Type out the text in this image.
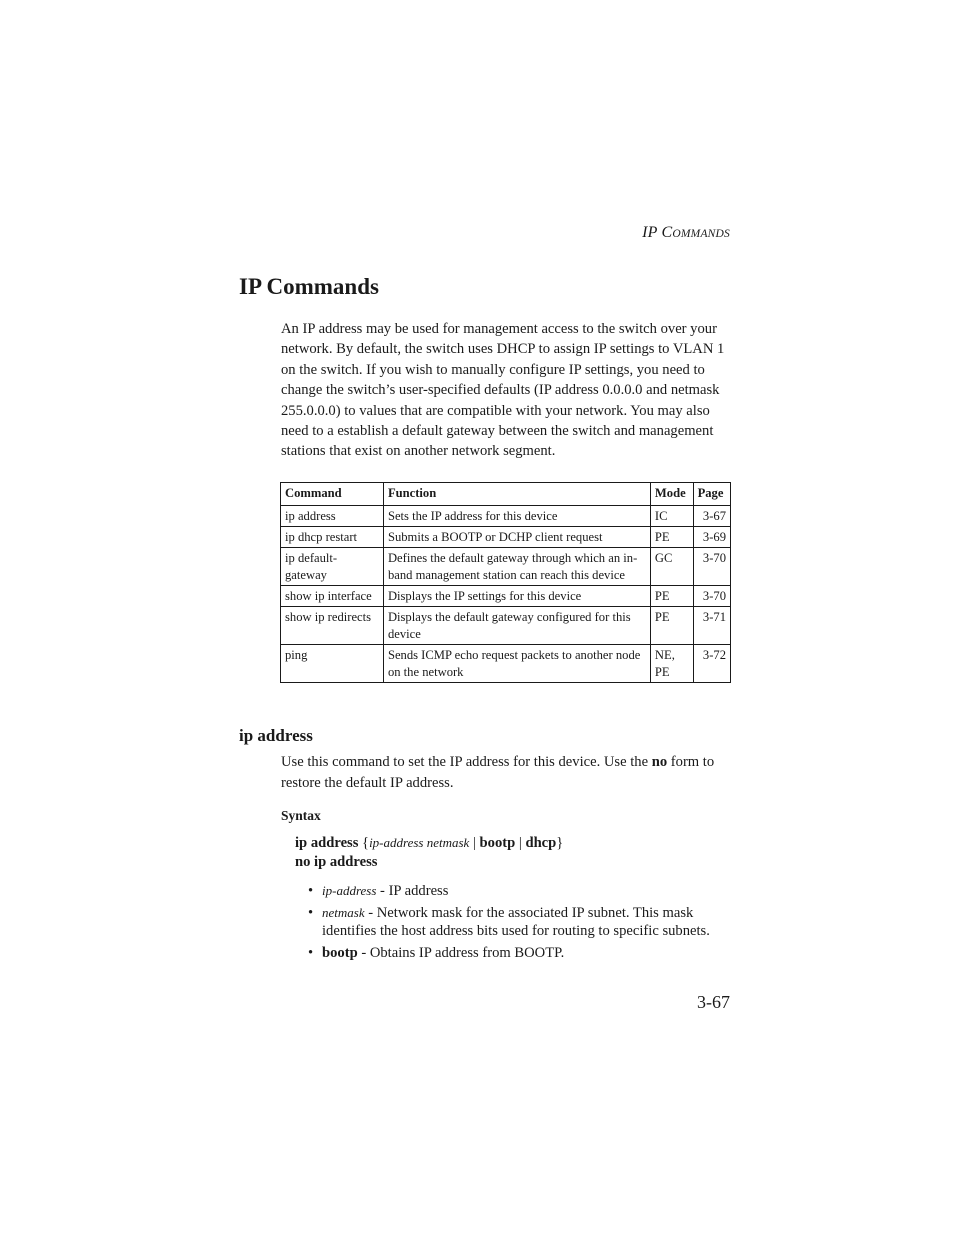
IP COMMANDS
IP Commands

An IP address may be used for management access to the switch over your network. By default, the switch uses DHCP to assign IP settings to VLAN 1 on the switch. If you wish to manually configure IP settings, you need to change the switch’s user-specified defaults (IP address 0.0.0.0 and netmask 255.0.0.0) to values that are compatible with your network. You may also need to a establish a default gateway between the switch and management stations that exist on another network segment.

Command	Function	Mode	Page
ip address	Sets the IP address for this device	IC	3-67
ip dhcp restart	Submits a BOOTP or DCHP client request	PE	3-69
ip default-gateway	Defines the default gateway through which an in-band management station can reach this device	GC	3-70
show ip interface	Displays the IP settings for this device	PE	3-70
show ip redirects	Displays the default gateway configured for this device	PE	3-71
ping	Sends ICMP echo request packets to another node on the network	NE, PE	3-72
ip address

Use this command to set the IP address for this device. Use the no form to restore the default IP address.

Syntax

ip address {ip-address netmask | bootp | dhcp}

no ip address

• ip-address - IP address
• netmask - Network mask for the associated IP subnet. This mask identifies the host address bits used for routing to specific subnets.
• bootp - Obtains IP address from BOOTP.
3-67
